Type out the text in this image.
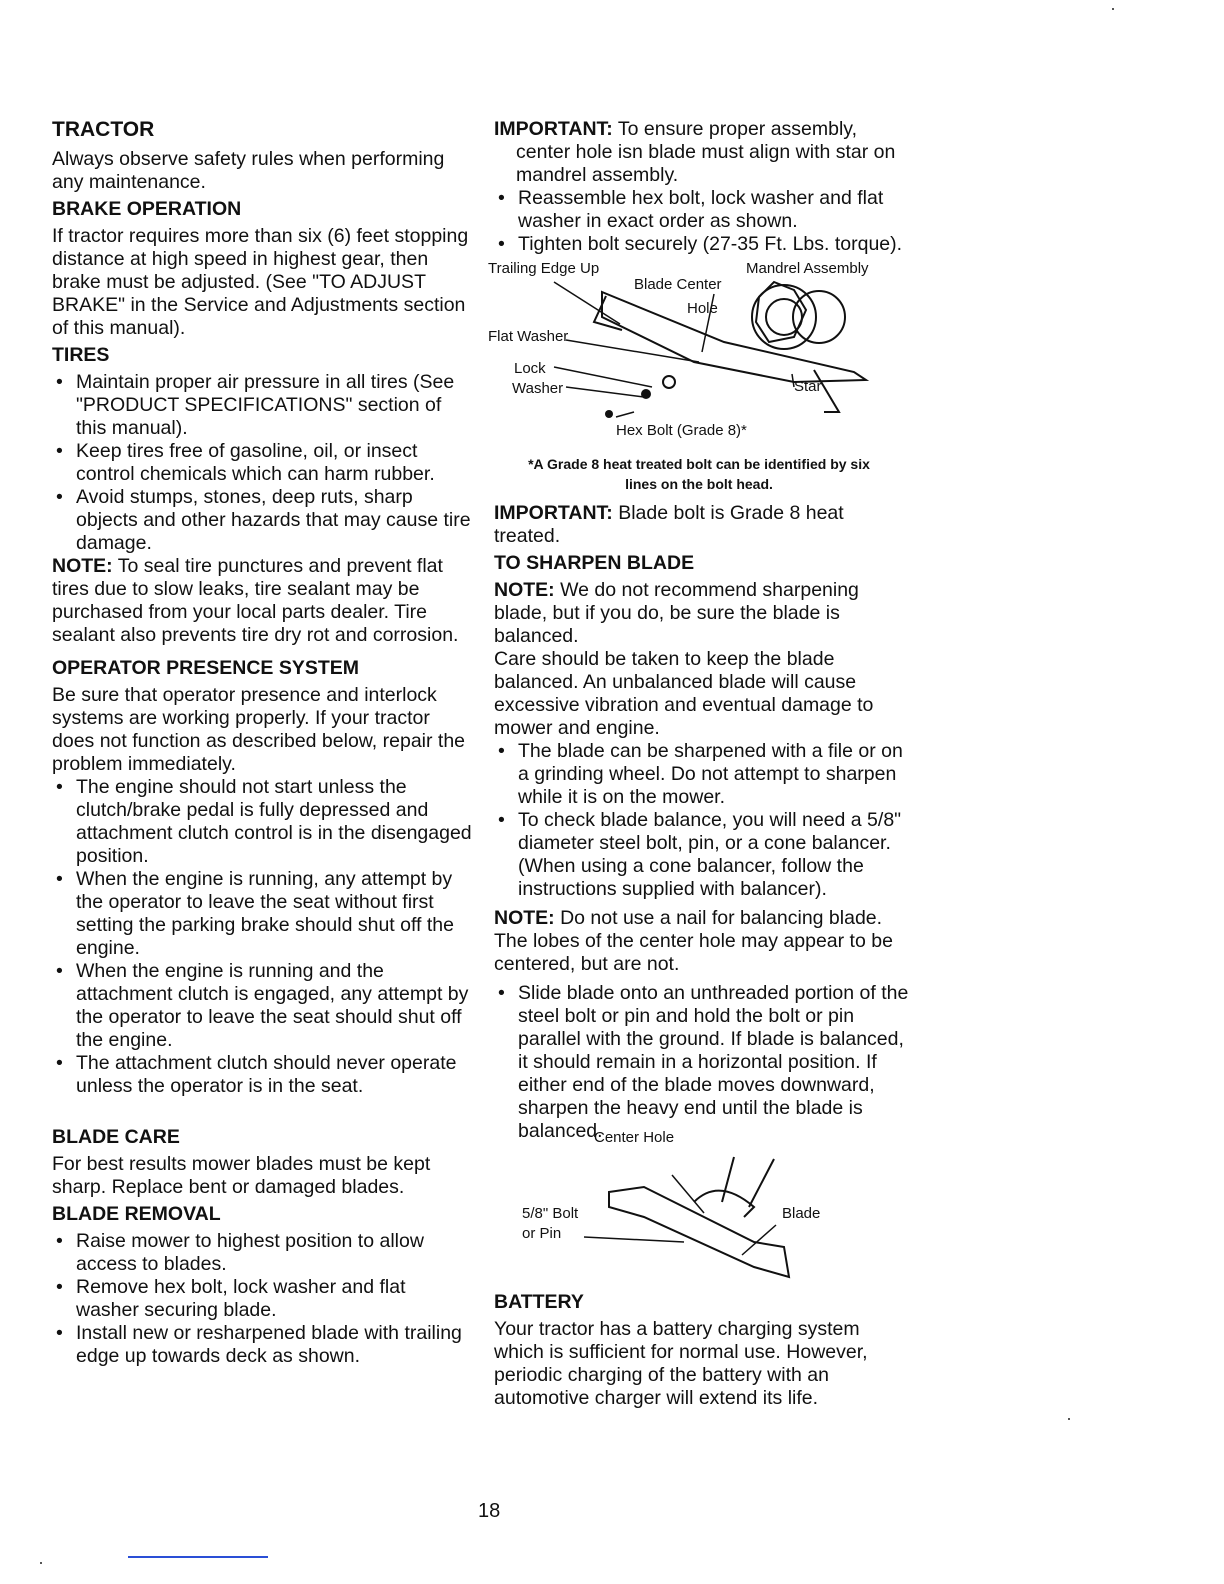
TRACTOR

Always observe safety rules when performing any maintenance.

BRAKE OPERATION

If tractor requires more than six (6) feet stopping distance at high speed in highest gear, then brake must be adjusted. (See "TO ADJUST BRAKE" in the Service and Adjustments section of this manual).

TIRES
• Maintain proper air pressure in all tires (See "PRODUCT SPECIFICATIONS" section of this manual).
• Keep tires free of gasoline, oil, or insect control chemicals which can harm rubber.
• Avoid stumps, stones, deep ruts, sharp objects and other hazards that may cause tire damage.

NOTE: To seal tire punctures and prevent flat tires due to slow leaks, tire sealant may be purchased from your local parts dealer. Tire sealant also prevents tire dry rot and corrosion.

OPERATOR PRESENCE SYSTEM

Be sure that operator presence and interlock systems are working properly. If your tractor does not function as described below, repair the problem immediately.

• The engine should not start unless the clutch/brake pedal is fully depressed and attachment clutch control is in the disengaged position.
• When the engine is running, any attempt by the operator to leave the seat without first setting the parking brake should shut off the engine.
• When the engine is running and the attachment clutch is engaged, any attempt by the operator to leave the seat should shut off the engine.
• The attachment clutch should never operate unless the operator is in the seat.
BLADE CARE

For best results mower blades must be kept sharp. Replace bent or damaged blades.

BLADE REMOVAL
• Raise mower to highest position to allow access to blades.
• Remove hex bolt, lock washer and flat washer securing blade.
• Install new or resharpened blade with trailing edge up towards deck as shown.

IMPORTANT: To ensure proper assembly, center hole isn blade must align with star on mandrel assembly.

• Reassemble hex bolt, lock washer and flat washer in exact order as shown.
• Tighten bolt securely (27-35 Ft. Lbs. torque).
Trailing Edge Up
Blade Center
Hole
Mandrel Assembly
Flat Washer
Lock
Washer	Star
Hex Bolt (Grade 8)*
*A Grade 8 heat treated bolt can be identified by six
lines on the bolt head.

IMPORTANT: Blade bolt is Grade 8 heat treated.

TO SHARPEN BLADE

NOTE: We do not recommend sharpening blade, but if you do, be sure the blade is balanced.

Care should be taken to keep the blade balanced. An unbalanced blade will cause excessive vibration and eventual damage to mower and engine.

• The blade can be sharpened with a file or on a grinding wheel. Do not attempt to sharpen while it is on the mower.
• To check blade balance, you will need a 5/8" diameter steel bolt, pin, or a cone balancer. (When using a cone balancer, follow the instructions supplied with balancer).

NOTE: Do not use a nail for balancing blade. The lobes of the center hole may appear to be centered, but are not.

• Slide blade onto an unthreaded portion of the steel bolt or pin and hold the bolt or pin parallel with the ground. If blade is balanced, it should remain in a horizontal position. If either end of the blade moves downward, sharpen the heavy end until the blade is balanced.
Center Hole
5/8" Bolt
or Pin
Blade
BATTERY

Your tractor has a battery charging system which is sufficient for normal use. However, periodic charging of the battery with an automotive charger will extend its life.

18
